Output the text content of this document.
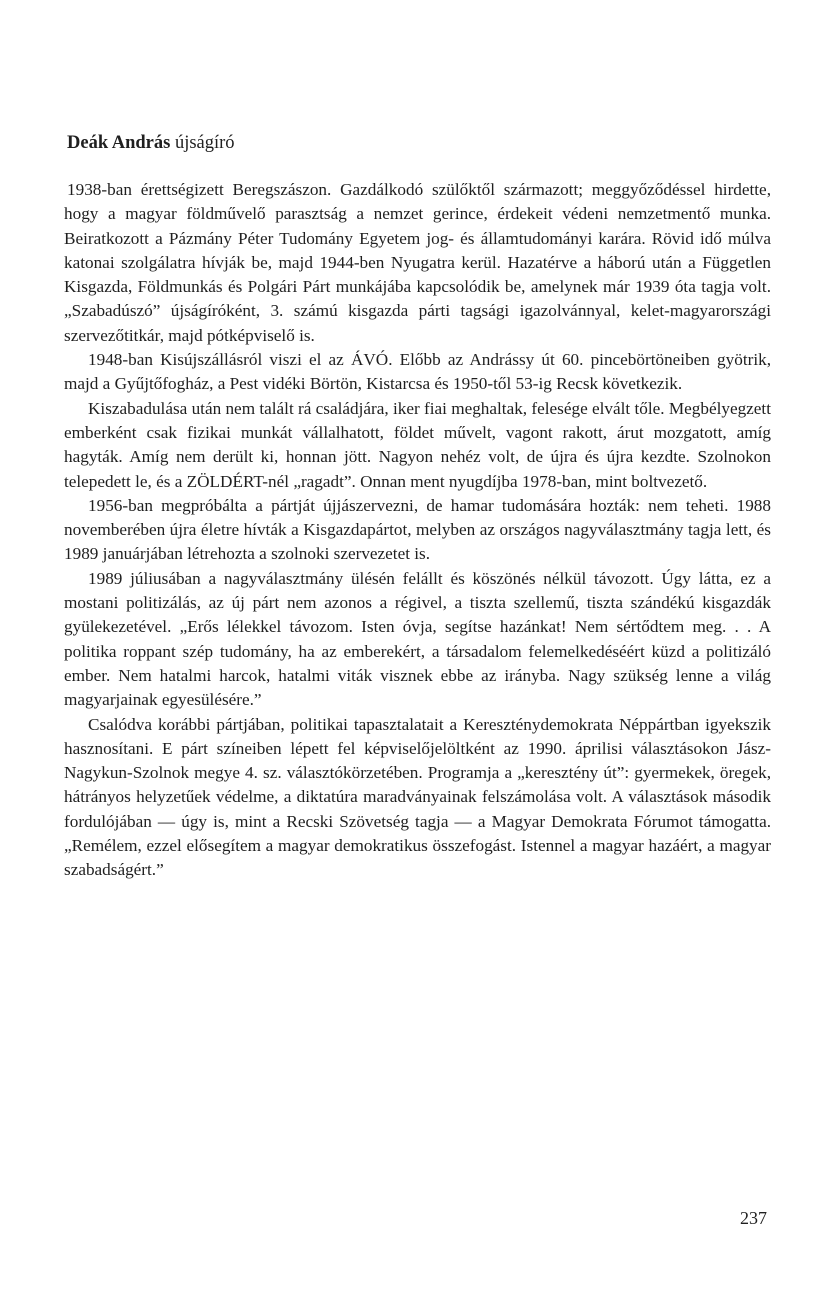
Deák András újságíró

1938-ban érettségizett Beregszászon. Gazdálkodó szülőktől származott; meggyőződéssel hirdette, hogy a magyar földművelő parasztság a nemzet gerince, érdekeit védeni nemzetmentő munka. Beiratkozott a Pázmány Péter Tudomány Egyetem jog- és államtudományi karára. Rövid idő múlva katonai szolgálatra hívják be, majd 1944-ben Nyugatra kerül. Hazatérve a háború után a Független Kisgazda, Földmunkás és Polgári Párt munkájába kapcsolódik be, amelynek már 1939 óta tagja volt. „Szabadúszó” újságíróként, 3. számú kisgazda párti tagsági igazolvánnyal, kelet-magyarországi szervezőtitkár, majd pótképviselő is.

1948-ban Kisújszállásról viszi el az ÁVÓ. Előbb az Andrássy út 60. pincebörtöneiben gyötrik, majd a Gyűjtőfogház, a Pest vidéki Börtön, Kistarcsa és 1950-től 53-ig Recsk következik.

Kiszabadulása után nem talált rá családjára, iker fiai meghaltak, felesége elvált tőle. Megbélyegzett emberként csak fizikai munkát vállalhatott, földet művelt, vagont rakott, árut mozgatott, amíg hagyták. Amíg nem derült ki, honnan jött. Nagyon nehéz volt, de újra és újra kezdte. Szolnokon telepedett le, és a ZÖLDÉRT-nél „ragadt”. Onnan ment nyugdíjba 1978-ban, mint boltvezető.

1956-ban megpróbálta a pártját újjászervezni, de hamar tudomására hozták: nem teheti. 1988 novemberében újra életre hívták a Kisgazdapártot, melyben az országos nagyválasztmány tagja lett, és 1989 januárjában létrehozta a szolnoki szervezetet is.

1989 júliusában a nagyválasztmány ülésén felállt és köszönés nélkül távozott. Úgy látta, ez a mostani politizálás, az új párt nem azonos a régivel, a tiszta szellemű, tiszta szándékú kisgazdák gyülekezetével. „Erős lélekkel távozom. Isten óvja, segítse hazánkat! Nem sértődtem meg. . . A politika roppant szép tudomány, ha az emberekért, a társadalom felemelkedéséért küzd a politizáló ember. Nem hatalmi harcok, hatalmi viták visznek ebbe az irányba. Nagy szükség lenne a világ magyarjainak egyesülésére.”

Csalódva korábbi pártjában, politikai tapasztalatait a Kereszténydemokrata Néppártban igyekszik hasznosítani. E párt színeiben lépett fel képviselőjelöltként az 1990. áprilisi választásokon Jász-Nagykun-Szolnok megye 4. sz. választókörzetében. Programja a „keresztény út”: gyermekek, öregek, hátrányos helyzetűek védelme, a diktatúra maradványainak felszámolása volt. A választások második fordulójában — úgy is, mint a Recski Szövetség tagja — a Magyar Demokrata Fórumot támogatta. „Remélem, ezzel elősegítem a magyar demokratikus összefogást. Istennel a magyar hazáért, a magyar szabadságért.”

237
